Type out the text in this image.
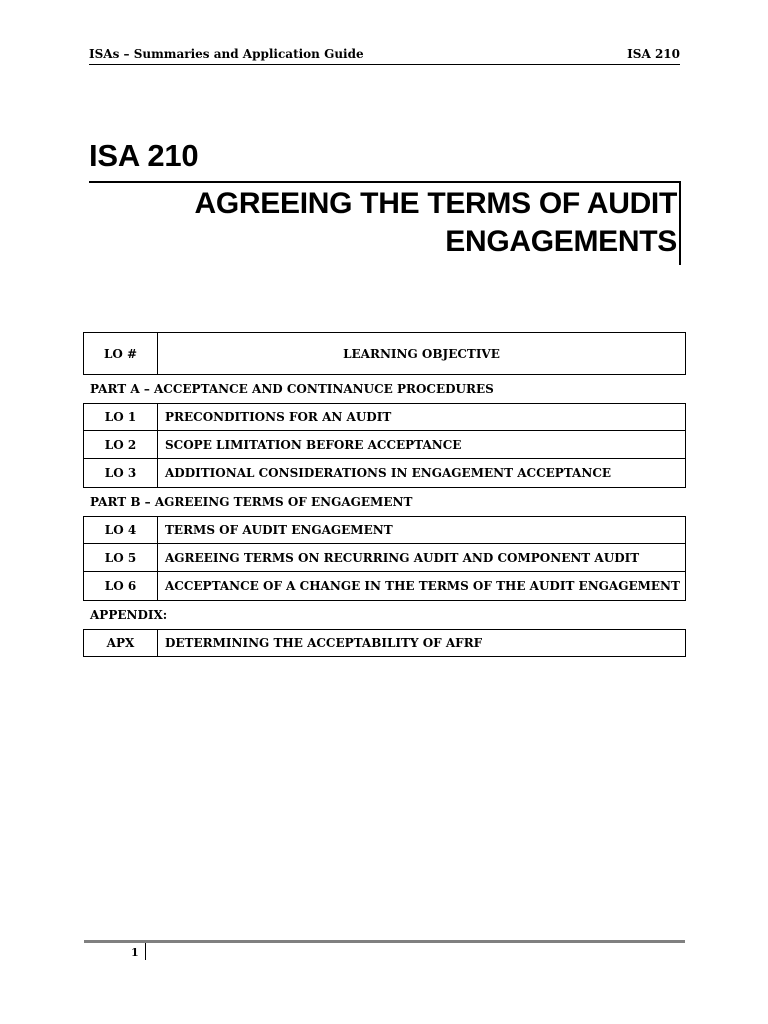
ISAs – Summaries and Application Guide	ISA 210
ISA 210
AGREEING THE TERMS OF AUDIT
ENGAGEMENTS
LO #	LEARNING OBJECTIVE
PART A – ACCEPTANCE AND CONTINANUCE PROCEDURES
LO 1	PRECONDITIONS FOR AN AUDIT
LO 2	SCOPE LIMITATION BEFORE ACCEPTANCE
LO 3	ADDITIONAL CONSIDERATIONS IN ENGAGEMENT ACCEPTANCE
PART B – AGREEING TERMS OF ENGAGEMENT
LO 4	TERMS OF AUDIT ENGAGEMENT
LO 5	AGREEING TERMS ON RECURRING AUDIT AND COMPONENT AUDIT
LO 6	ACCEPTANCE OF A CHANGE IN THE TERMS OF THE AUDIT ENGAGEMENT
APPENDIX:
APX	DETERMINING THE ACCEPTABILITY OF AFRF
1
